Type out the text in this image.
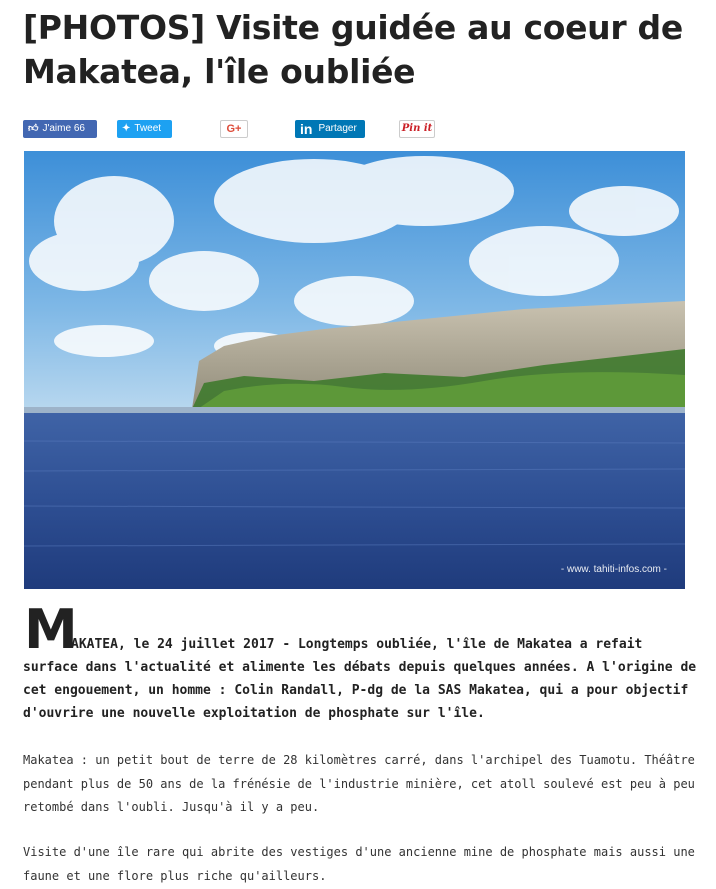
[PHOTOS] Visite guidée au coeur de Makatea, l'île oubliée
👍︎ J'aime 66	✦ Tweet	G+	in Partager	Pin it
- www. tahiti-infos.com -
M

AKATEA, le 24 juillet 2017 - Longtemps oubliée, l'île de Makatea a refait surface dans l'actualité et alimente les débats depuis quelques années. A l'origine de cet engouement, un homme : Colin Randall, P-dg de la SAS Makatea, qui a pour objectif d'ouvrire une nouvelle exploitation de phosphate sur l'île.

Makatea : un petit bout de terre de 28 kilomètres carré, dans l'archipel des Tuamotu. Théâtre pendant plus de 50 ans de la frénésie de l'industrie minière, cet atoll soulevé est peu à peu retombé dans l'oubli. Jusqu'à il y a peu.

Visite d'une île rare qui abrite des vestiges d'une ancienne mine de phosphate mais aussi une faune et une flore plus riche qu'ailleurs.
